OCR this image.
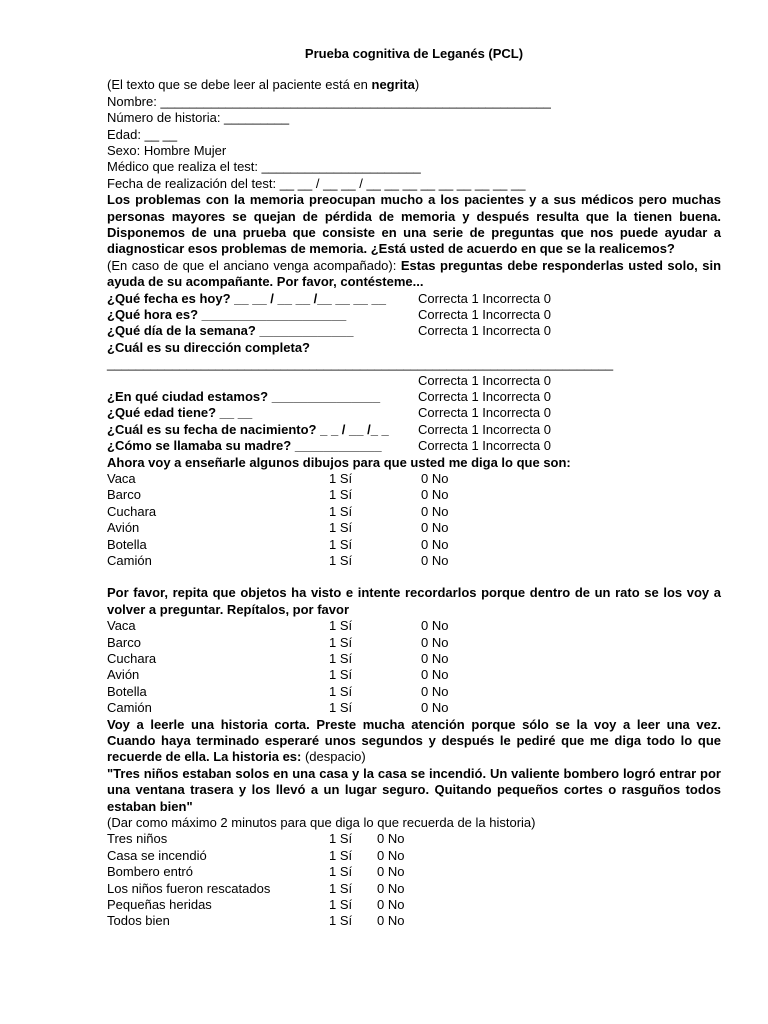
Prueba cognitiva de Leganés (PCL)
(El texto que se debe leer al paciente está en negrita)
Nombre: ______________________________________________________
Número de historia: _________
Edad: __ __
Sexo: Hombre Mujer
Médico que realiza el test: ______________________
Fecha de realización del test: __ __ / __ __ / __ __ __ __ __ __ __ __ __
Los problemas con la memoria preocupan mucho a los pacientes y a sus médicos pero muchas personas mayores se quejan de pérdida de memoria y después resulta que la tienen buena. Disponemos de una prueba que consiste en una serie de preguntas que nos puede ayudar a diagnosticar esos problemas de memoria. ¿Está usted de acuerdo en que se la realicemos?
(En caso de que el anciano venga acompañado): Estas preguntas debe responderlas usted solo, sin ayuda de su acompañante. Por favor, contésteme...
¿Qué fecha es hoy? __ __ / __ __ /__ __ __ __ Correcta 1 Incorrecta 0
¿Qué hora es? ____________________	Correcta 1 Incorrecta 0
¿Qué día de la semana? _____________	Correcta 1 Incorrecta 0
¿Cuál es su dirección completa?
______________________________________________________________________
Correcta 1 Incorrecta 0
¿En qué ciudad estamos? _______________	Correcta 1 Incorrecta 0
¿Qué edad tiene? __ __	Correcta 1 Incorrecta 0
¿Cuál es su fecha de nacimiento? _ _ / __ /_ _ Correcta 1 Incorrecta 0
¿Cómo se llamaba su madre? ____________	Correcta 1 Incorrecta 0
Ahora voy a enseñarle algunos dibujos para que usted me diga lo que son:
Vaca	1 Sí	0 No
Barco	1 Sí	0 No
Cuchara	1 Sí	0 No
Avión	1 Sí	0 No
Botella	1 Sí	0 No
Camión	1 Sí	0 No
Por favor, repita que objetos ha visto e intente recordarlos porque dentro de un rato se los voy a volver a preguntar. Repítalos, por favor
Vaca	1 Sí	0 No
Barco	1 Sí	0 No
Cuchara	1 Sí	0 No
Avión	1 Sí	0 No
Botella	1 Sí	0 No
Camión	1 Sí	0 No
Voy a leerle una historia corta. Preste mucha atención porque sólo se la voy a leer una vez. Cuando haya terminado esperaré unos segundos y después le pediré que me diga todo lo que recuerde de ella. La historia es: (despacio)
"Tres niños estaban solos en una casa y la casa se incendió. Un valiente bombero logró entrar por una ventana trasera y los llevó a un lugar seguro. Quitando pequeños cortes o rasguños todos estaban bien"
(Dar como máximo 2 minutos para que diga lo que recuerda de la historia)
Tres niños	1 Sí 0 No
Casa se incendió	1 Sí 0 No
Bombero entró	1 Sí 0 No
Los niños fueron rescatados	1 Sí 0 No
Pequeñas heridas	1 Sí 0 No
Todos bien	1 Sí 0 No
